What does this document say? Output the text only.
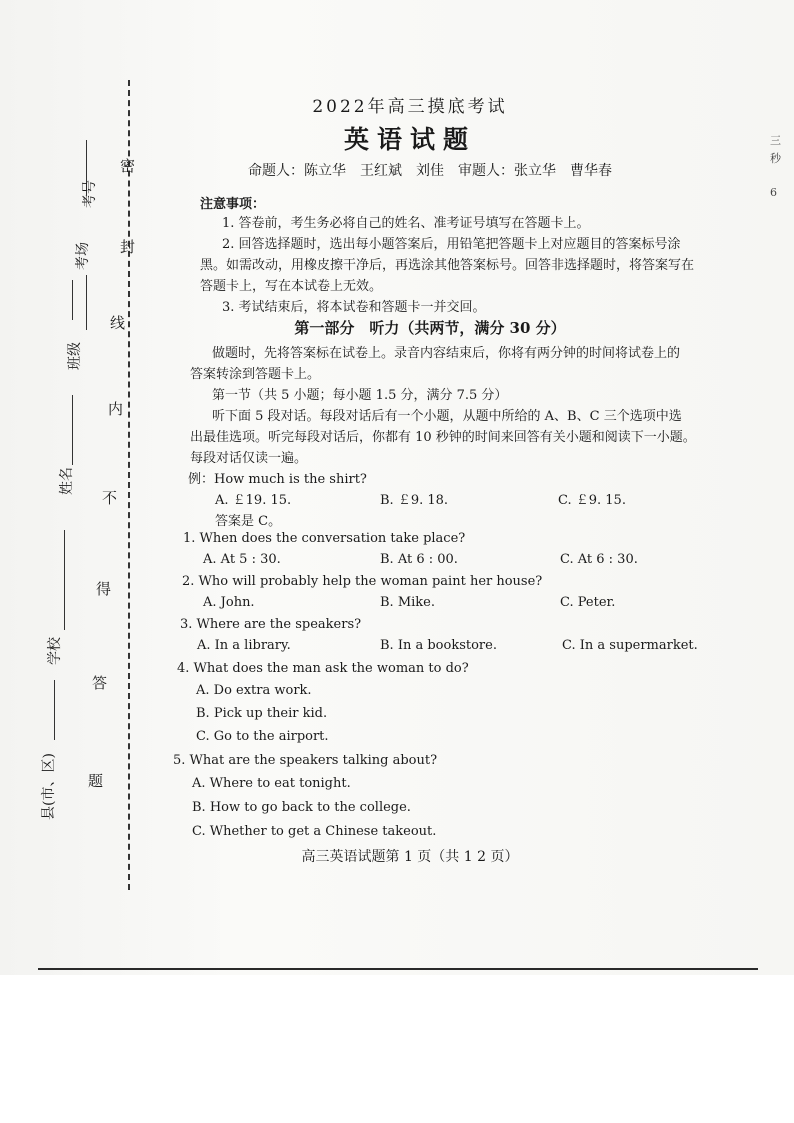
密
封
线
内
不
得
答
题
考号
考场
班级
姓名
学校
县(市、区)
三
秒
6
2022年高三摸底考试
英语试题
命题人：陈立华　王红斌　刘佳　审题人：张立华　曹华春
注意事项：
1. 答卷前，考生务必将自己的姓名、准考证号填写在答题卡上。
2. 回答选择题时，选出每小题答案后，用铅笔把答题卡上对应题目的答案标号涂
黑。如需改动，用橡皮擦干净后，再选涂其他答案标号。回答非选择题时，将答案写在
答题卡上，写在本试卷上无效。
3. 考试结束后，将本试卷和答题卡一并交回。
第一部分　听力（共两节，满分 30 分）
做题时，先将答案标在试卷上。录音内容结束后，你将有两分钟的时间将试卷上的
答案转涂到答题卡上。
第一节（共 5 小题；每小题 1.5 分，满分 7.5 分）
听下面 5 段对话。每段对话后有一个小题，从题中所给的 A、B、C 三个选项中选
出最佳选项。听完每段对话后，你都有 10 秒钟的时间来回答有关小题和阅读下一小题。
每段对话仅读一遍。
例：How much is the shirt?
A. ￡19. 15.	B. ￡9. 18.	C. ￡9. 15.
答案是 C。
1. When does the conversation take place?
A. At 5 : 30.	B. At 6 : 00.	C. At 6 : 30.
2. Who will probably help the woman paint her house?
A. John.	B. Mike.	C. Peter.
3. Where are the speakers?
A. In a library.	B. In a bookstore.	C. In a supermarket.
4. What does the man ask the woman to do?
A. Do extra work.
B. Pick up their kid.
C. Go to the airport.
5. What are the speakers talking about?
A. Where to eat tonight.
B. How to go back to the college.
C. Whether to get a Chinese takeout.
高三英语试题第 1 页（共 1 2 页）
